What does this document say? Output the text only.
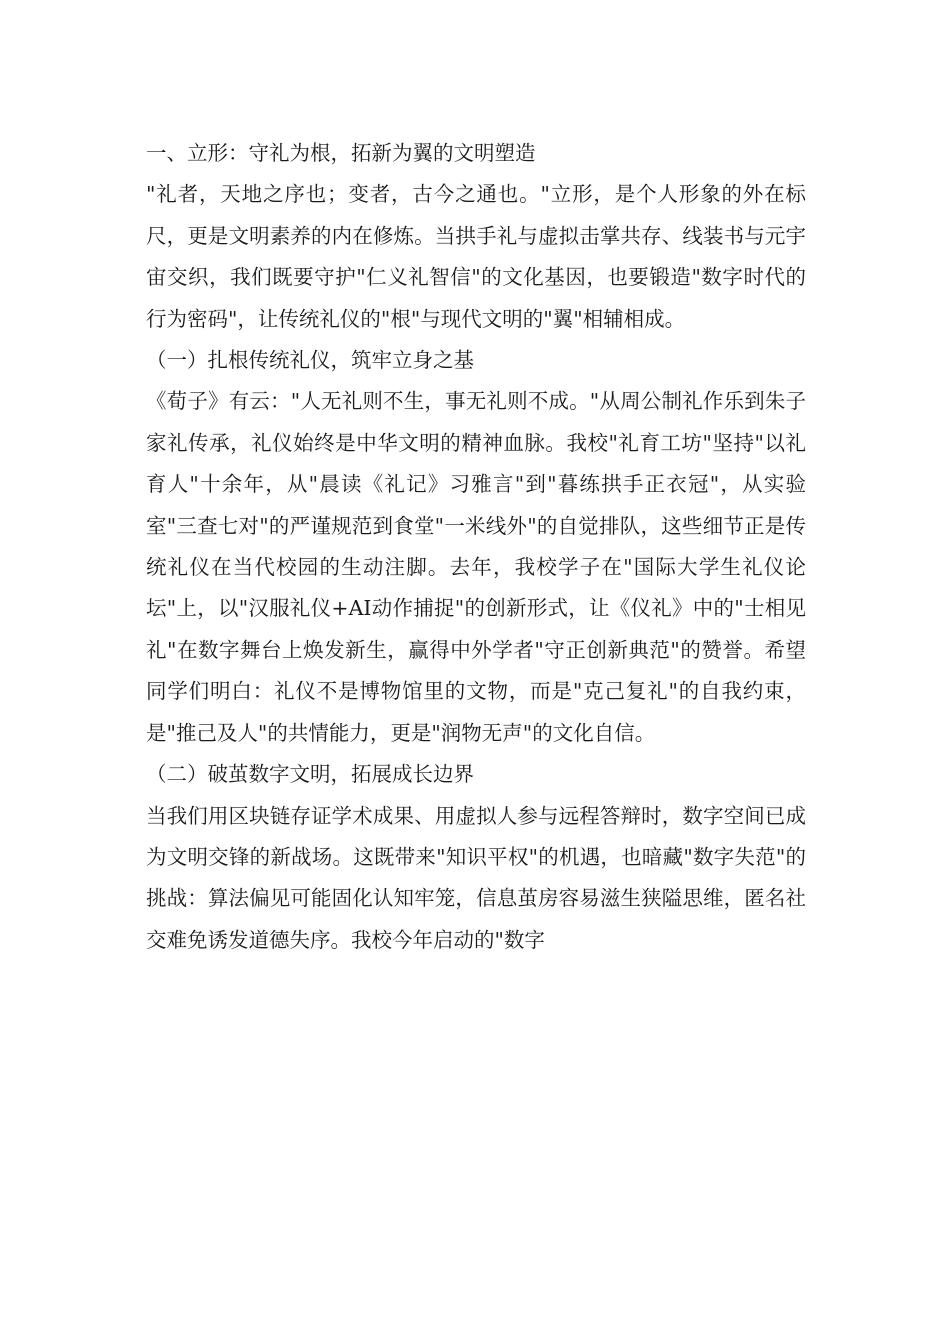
一、立形：守礼为根，拓新为翼的文明塑造

"礼者，天地之序也；变者，古今之通也。"立形，是个人形象的外在标尺，更是文明素养的内在修炼。当拱手礼与虚拟击掌共存、线装书与元宇宙交织，我们既要守护"仁义礼智信"的文化基因，也要锻造"数字时代的行为密码"，让传统礼仪的"根"与现代文明的"翼"相辅相成。

（一）扎根传统礼仪，筑牢立身之基

《荀子》有云："人无礼则不生，事无礼则不成。"从周公制礼作乐到朱子家礼传承，礼仪始终是中华文明的精神血脉。我校"礼育工坊"坚持"以礼育人"十余年，从"晨读《礼记》习雅言"到"暮练拱手正衣冠"，从实验室"三查七对"的严谨规范到食堂"一米线外"的自觉排队，这些细节正是传统礼仪在当代校园的生动注脚。去年，我校学子在"国际大学生礼仪论坛"上，以"汉服礼仪+AI动作捕捉"的创新形式，让《仪礼》中的"士相见礼"在数字舞台上焕发新生，赢得中外学者"守正创新典范"的赞誉。希望同学们明白：礼仪不是博物馆里的文物，而是"克己复礼"的自我约束，是"推己及人"的共情能力，更是"润物无声"的文化自信。

（二）破茧数字文明，拓展成长边界

当我们用区块链存证学术成果、用虚拟人参与远程答辩时，数字空间已成为文明交锋的新战场。这既带来"知识平权"的机遇，也暗藏"数字失范"的挑战：算法偏见可能固化认知牢笼，信息茧房容易滋生狭隘思维，匿名社交难免诱发道德失序。我校今年启动的"数字
